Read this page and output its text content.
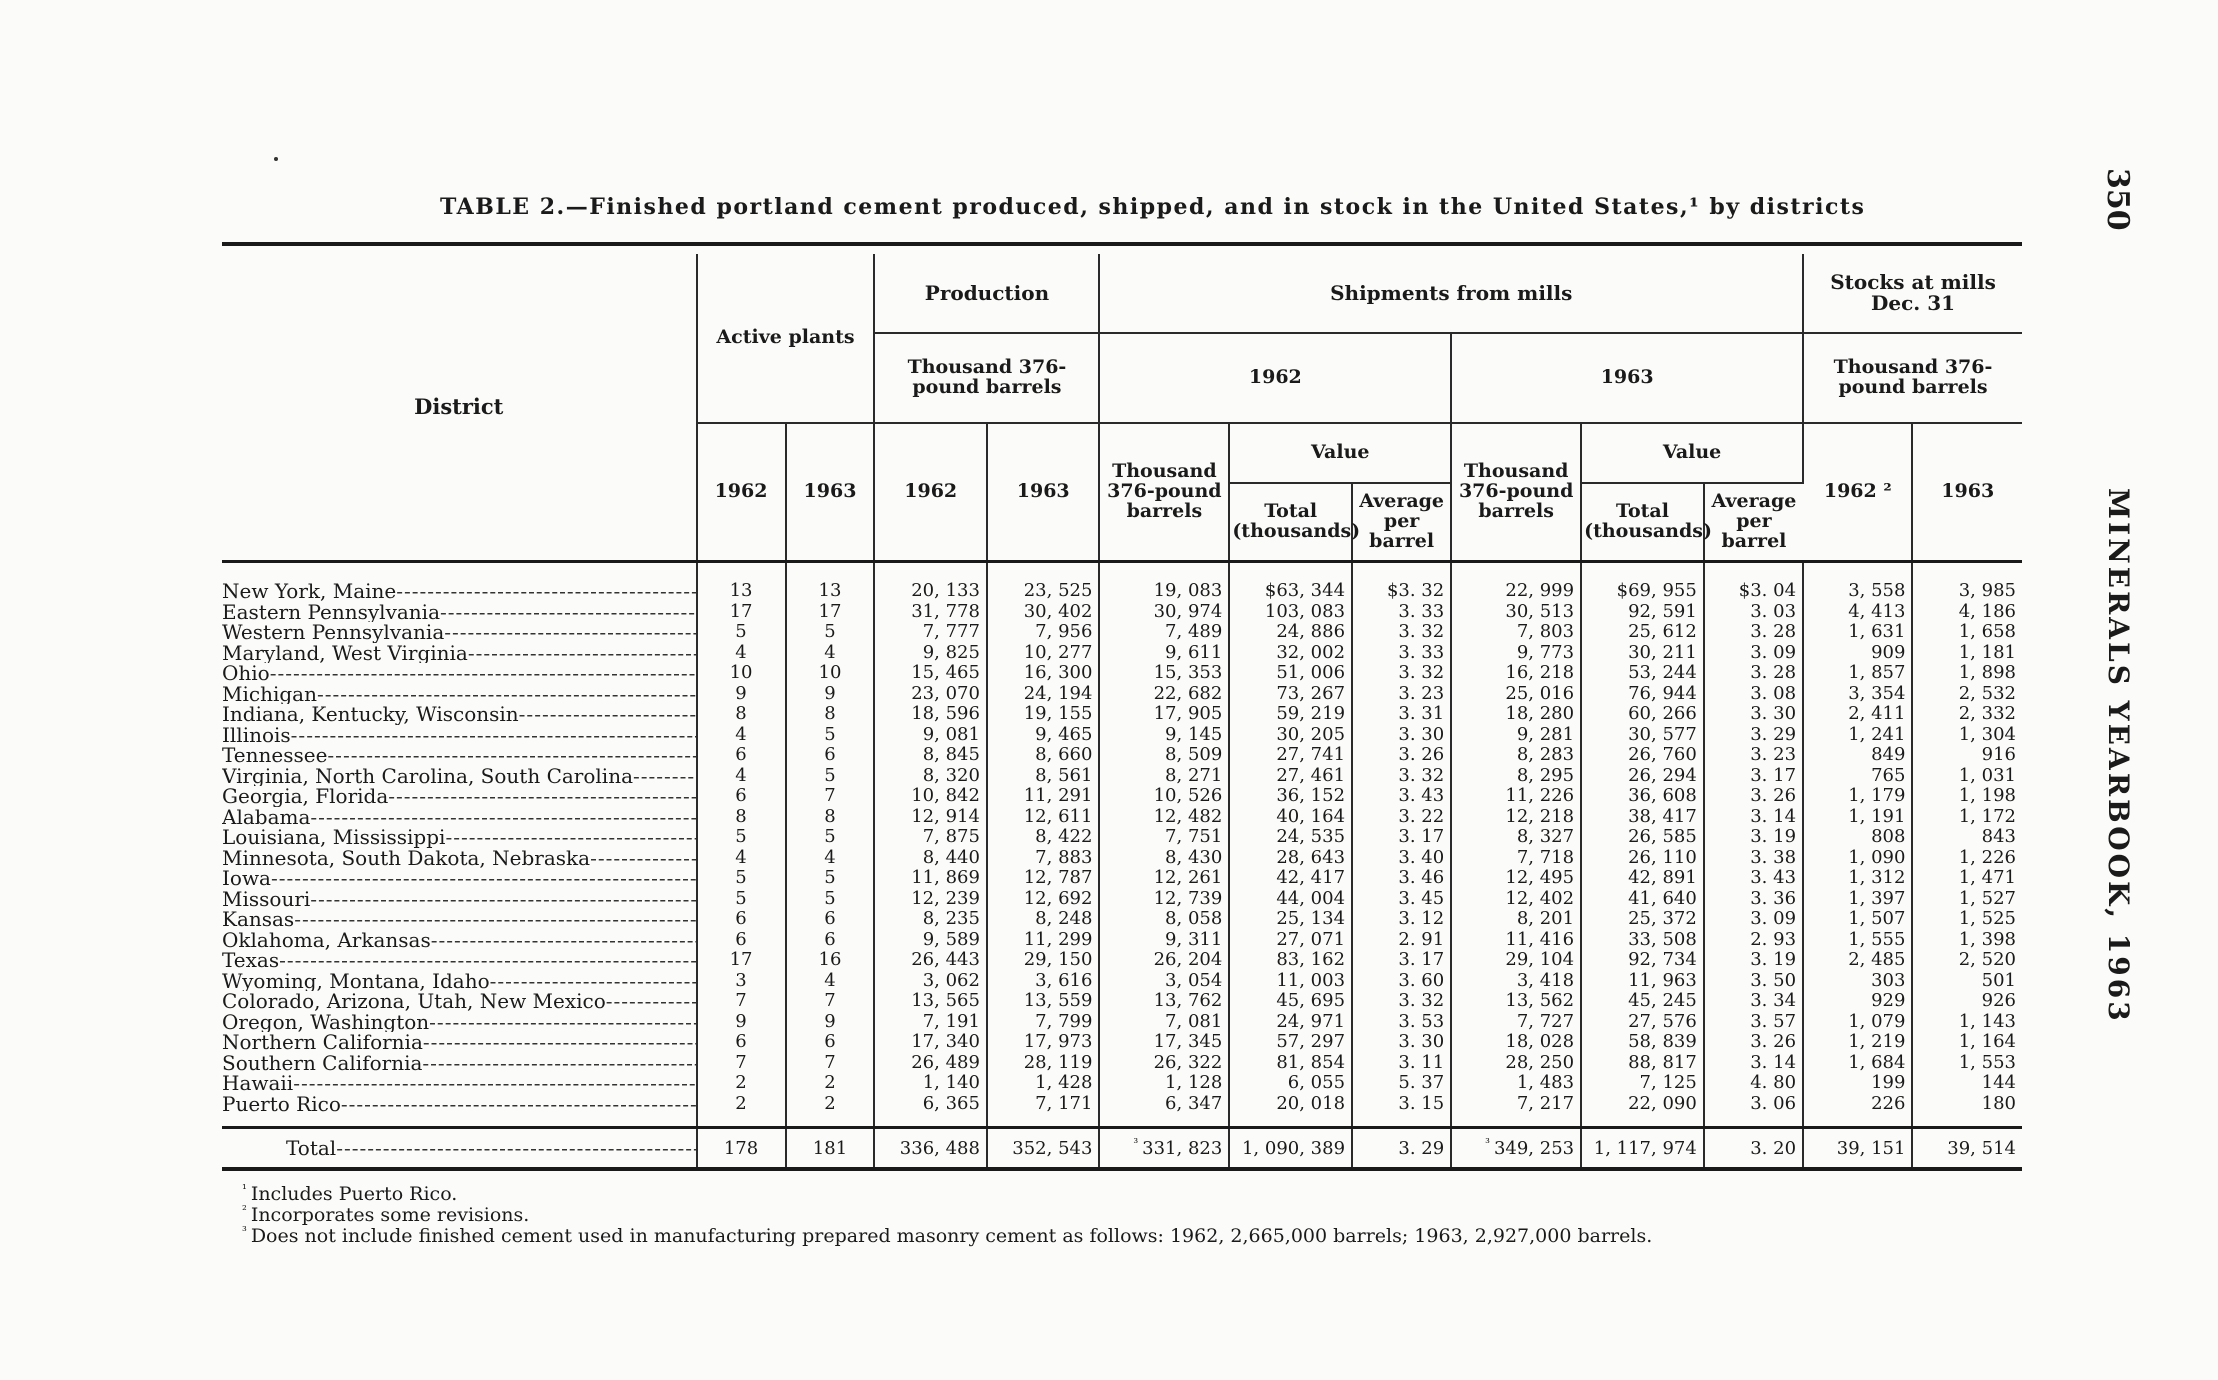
TABLE 2.—Finished portland cement produced, shipped, and in stock in the United States,¹ by districts	350
MINERALS YEARBOOK, 1963
District	Active plants		Production		Shipments from mills						Stocks at mills Dec. 31	
			Thousand 376-pound barrels		1962			1963			Thousand 376-pound barrels	
	1962	1963	1962	1963	Thousand 376-pound barrels	Value		Thousand 376-pound barrels	Value		1962 ²	1963
						Total (thousands)	Average per barrel		Total (thousands)	Average per barrel		
New York, Maine -----	13	13	20, 133	23, 525	19, 083	$63, 344	$3. 32	22, 999	$69, 955	$3. 04	3, 558	3, 985
Eastern Pennsylvania -----	17	17	31, 778	30, 402	30, 974	103, 083	3. 33	30, 513	92, 591	3. 03	4, 413	4, 186
Western Pennsylvania -----	5	5	7, 777	7, 956	7, 489	24, 886	3. 32	7, 803	25, 612	3. 28	1, 631	1, 658
Maryland, West Virginia -----	4	4	9, 825	10, 277	9, 611	32, 002	3. 33	9, 773	30, 211	3. 09	909	1, 181
Ohio -----	10	10	15, 465	16, 300	15, 353	51, 006	3. 32	16, 218	53, 244	3. 28	1, 857	1, 898
Michigan -----	9	9	23, 070	24, 194	22, 682	73, 267	3. 23	25, 016	76, 944	3. 08	3, 354	2, 532
Indiana, Kentucky, Wisconsin -----	8	8	18, 596	19, 155	17, 905	59, 219	3. 31	18, 280	60, 266	3. 30	2, 411	2, 332
Illinois -----	4	5	9, 081	9, 465	9, 145	30, 205	3. 30	9, 281	30, 577	3. 29	1, 241	1, 304
Tennessee -----	6	6	8, 845	8, 660	8, 509	27, 741	3. 26	8, 283	26, 760	3. 23	849	916
Virginia, North Carolina, South Carolina -----	4	5	8, 320	8, 561	8, 271	27, 461	3. 32	8, 295	26, 294	3. 17	765	1, 031
Georgia, Florida -----	6	7	10, 842	11, 291	10, 526	36, 152	3. 43	11, 226	36, 608	3. 26	1, 179	1, 198
Alabama -----	8	8	12, 914	12, 611	12, 482	40, 164	3. 22	12, 218	38, 417	3. 14	1, 191	1, 172
Louisiana, Mississippi -----	5	5	7, 875	8, 422	7, 751	24, 535	3. 17	8, 327	26, 585	3. 19	808	843
Minnesota, South Dakota, Nebraska -----	4	4	8, 440	7, 883	8, 430	28, 643	3. 40	7, 718	26, 110	3. 38	1, 090	1, 226
Iowa -----	5	5	11, 869	12, 787	12, 261	42, 417	3. 46	12, 495	42, 891	3. 43	1, 312	1, 471
Missouri -----	5	5	12, 239	12, 692	12, 739	44, 004	3. 45	12, 402	41, 640	3. 36	1, 397	1, 527
Kansas -----	6	6	8, 235	8, 248	8, 058	25, 134	3. 12	8, 201	25, 372	3. 09	1, 507	1, 525
Oklahoma, Arkansas -----	6	6	9, 589	11, 299	9, 311	27, 071	2. 91	11, 416	33, 508	2. 93	1, 555	1, 398
Texas -----	17	16	26, 443	29, 150	26, 204	83, 162	3. 17	29, 104	92, 734	3. 19	2, 485	2, 520
Wyoming, Montana, Idaho -----	3	4	3, 062	3, 616	3, 054	11, 003	3. 60	3, 418	11, 963	3. 50	303	501
Colorado, Arizona, Utah, New Mexico -----	7	7	13, 565	13, 559	13, 762	45, 695	3. 32	13, 562	45, 245	3. 34	929	926
Oregon, Washington -----	9	9	7, 191	7, 799	7, 081	24, 971	3. 53	7, 727	27, 576	3. 57	1, 079	1, 143
Northern California -----	6	6	17, 340	17, 973	17, 345	57, 297	3. 30	18, 028	58, 839	3. 26	1, 219	1, 164
Southern California -----	7	7	26, 489	28, 119	26, 322	81, 854	3. 11	28, 250	88, 817	3. 14	1, 684	1, 553
Hawaii -----	2	2	1, 140	1, 428	1, 128	6, 055	5. 37	1, 483	7, 125	4. 80	199	144
Puerto Rico -----	2	2	6, 365	7, 171	6, 347	20, 018	3. 15	7, 217	22, 090	3. 06	226	180
Total -----	178	181	336, 488	352, 543	$^{^3}$ 331, 823	1, 090, 389	3. 29	$^{^3}$ 349, 253	1, 117, 974	3. 20	39, 151	39, 514
$^{^1}$ Includes Puerto Rico.
$^{^2}$ Incorporates some revisions.
$^{^3}$ Does not include finished cement used in manufacturing prepared masonry cement as follows: 1962, 2,665,000 barrels; 1963, 2,927,000 barrels.
